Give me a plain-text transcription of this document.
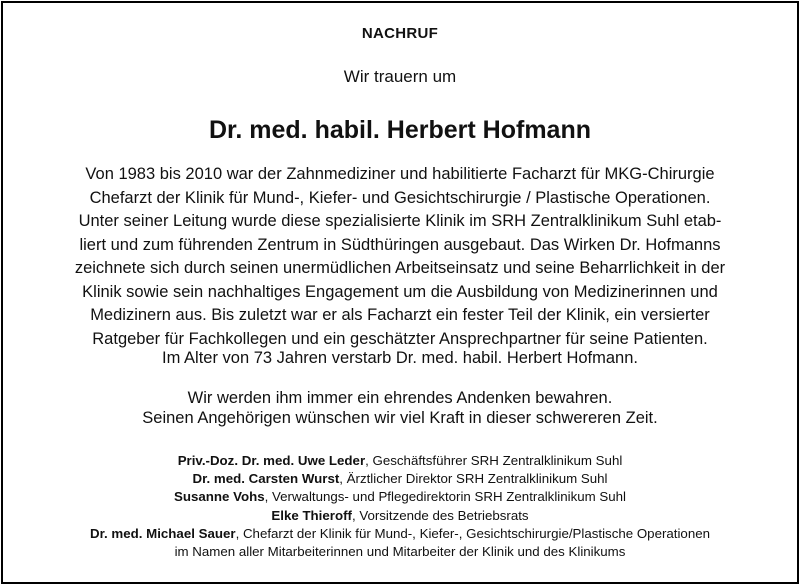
NACHRUF
Wir trauern um
Dr. med. habil. Herbert Hofmann
Von 1983 bis 2010 war der Zahnmediziner und habilitierte Facharzt für MKG-Chirurgie
Chefarzt der Klinik für Mund-, Kiefer- und Gesichtschirurgie / Plastische Operationen.
Unter seiner Leitung wurde diese spezialisierte Klinik im SRH Zentralklinikum Suhl etab-
liert und zum führenden Zentrum in Südthüringen ausgebaut. Das Wirken Dr. Hofmanns
zeichnete sich durch seinen unermüdlichen Arbeitseinsatz und seine Beharrlichkeit in der
Klinik sowie sein nachhaltiges Engagement um die Ausbildung von Medizinerinnen und
Medizinern aus. Bis zuletzt war er als Facharzt ein fester Teil der Klinik, ein versierter
Ratgeber für Fachkollegen und ein geschätzter Ansprechpartner für seine Patienten.
Im Alter von 73 Jahren verstarb Dr. med. habil. Herbert Hofmann.
Wir werden ihm immer ein ehrendes Andenken bewahren.
Seinen Angehörigen wünschen wir viel Kraft in dieser schwereren Zeit.
Priv.-Doz. Dr. med. Uwe Leder, Geschäftsführer SRH Zentralklinikum Suhl
Dr. med. Carsten Wurst, Ärztlicher Direktor SRH Zentralklinikum Suhl
Susanne Vohs, Verwaltungs- und Pflegedirektorin SRH Zentralklinikum Suhl
Elke Thieroff, Vorsitzende des Betriebsrats
Dr. med. Michael Sauer, Chefarzt der Klinik für Mund-, Kiefer-, Gesichtschirurgie/Plastische Operationen
im Namen aller Mitarbeiterinnen und Mitarbeiter der Klinik und des Klinikums
